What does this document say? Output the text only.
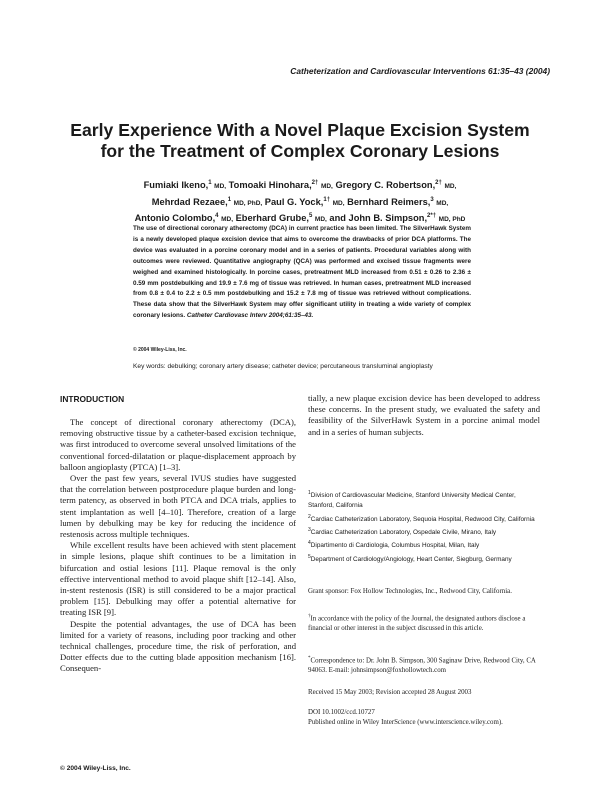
Catheterization and Cardiovascular Interventions 61:35–43 (2004)
Early Experience With a Novel Plaque Excision System
for the Treatment of Complex Coronary Lesions
Fumiaki Ikeno,$^1$ MD, Tomoaki Hinohara,$^{2\dagger}$ MD, Gregory C. Robertson,$^{2\dagger}$ MD,
Mehrdad Rezaee,$^1$ MD, PhD, Paul G. Yock,$^{1\dagger}$ MD, Bernhard Reimers,$^3$ MD,
Antonio Colombo,$^4$ MD, Eberhard Grube,$^5$ MD, and John B. Simpson,$^{2*\dagger}$ MD, PhD
The use of directional coronary atherectomy (DCA) in current practice has been limited. The SilverHawk System is a newly developed plaque excision device that aims to overcome the drawbacks of prior DCA platforms. The device was evaluated in a porcine coronary model and in a series of patients. Procedural variables along with outcomes were reviewed. Quantitative angiography (QCA) was performed and excised tissue fragments were weighed and examined histologically. In porcine cases, pretreatment MLD increased from 0.51 ± 0.26 to 2.36 ± 0.59 mm postdebulking and 19.9 ± 7.6 mg of tissue was retrieved. In human cases, pretreatment MLD increased from 0.8 ± 0.4 to 2.2 ± 0.5 mm postdebulking and 15.2 ± 7.8 mg of tissue was retrieved without complications. These data show that the SilverHawk System may offer significant utility in treating a wide variety of complex coronary lesions. Catheter Cardiovasc Interv 2004;61:35–43.
© 2004 Wiley-Liss, Inc.
Key words: debulking; coronary artery disease; catheter device; percutaneous transluminal angioplasty
INTRODUCTION

The concept of directional coronary atherectomy (DCA), removing obstructive tissue by a catheter-based excision technique, was first introduced to overcome several unsolved limitations of the conventional forced-dilatation or plaque-displacement approach by balloon angioplasty (PTCA) [1–3].

Over the past few years, several IVUS studies have suggested that the correlation between postprocedure plaque burden and long-term patency, as observed in both PTCA and DCA trials, applies to stent implantation as well [4–10]. Therefore, creation of a large lumen by debulking may be key for reducing the incidence of restenosis across multiple techniques.

While excellent results have been achieved with stent placement in simple lesions, plaque shift continues to be a limitation in bifurcation and ostial lesions [11]. Plaque removal is the only effective interventional method to avoid plaque shift [12–14]. Also, in-stent restenosis (ISR) is still considered to be a major practical problem [15]. Debulking may offer a potential alternative for treating ISR [9].

Despite the potential advantages, the use of DCA has been limited for a variety of reasons, including poor tracking and other technical challenges, procedure time, the risk of perforation, and Dotter effects due to the cutting blade apposition mechanism [16]. Consequen-

tially, a new plaque excision device has been developed to address these concerns. In the present study, we evaluated the safety and feasibility of the SilverHawk System in a porcine animal model and in a series of human subjects.

$^1$Division of Cardiovascular Medicine, Stanford University Medical Center, Stanford, California
$^2$Cardiac Catheterization Laboratory, Sequoia Hospital, Redwood City, California
$^3$Cardiac Catheterization Laboratory, Ospedale Civile, Mirano, Italy
$^4$Dipartimento di Cardiologia, Columbus Hospital, Milan, Italy
$^5$Department of Cardiology/Angiology, Heart Center, Siegburg, Germany
Grant sponsor: Fox Hollow Technologies, Inc., Redwood City, California.
†In accordance with the policy of the Journal, the designated authors disclose a financial or other interest in the subject discussed in this article.
*Correspondence to: Dr. John B. Simpson, 300 Saginaw Drive, Redwood City, CA 94063. E-mail: johnsimpson@foxhollowtech.com
Received 15 May 2003; Revision accepted 28 August 2003
DOI 10.1002/ccd.10727
Published online in Wiley InterScience (www.interscience.wiley.com).
© 2004 Wiley-Liss, Inc.
